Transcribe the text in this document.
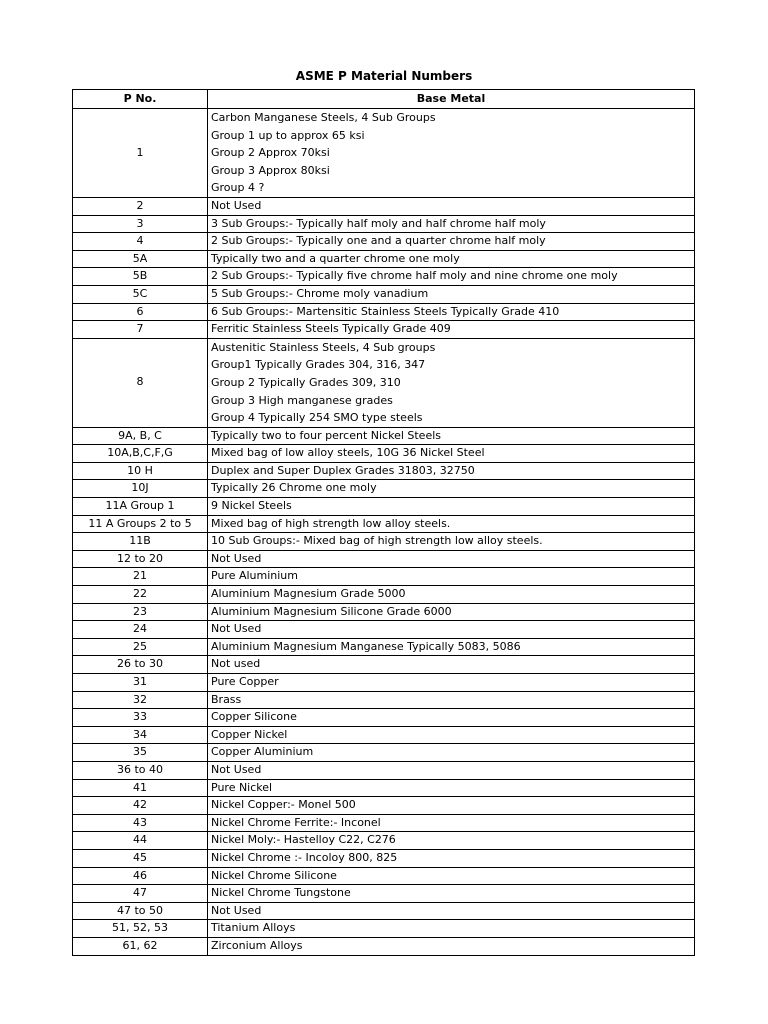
ASME P Material Numbers
P No.	Base Metal
1	Carbon Manganese Steels, 4 Sub Groups
Group 1 up to approx 65 ksi
Group 2 Approx 70ksi
Group 3 Approx 80ksi
Group 4 ?

2	Not Used
3	3 Sub Groups:- Typically half moly and half chrome half moly
4	2 Sub Groups:- Typically one and a quarter chrome half moly
5A	Typically two and a quarter chrome one moly
5B	2 Sub Groups:- Typically five chrome half moly and nine chrome one moly
5C	5 Sub Groups:- Chrome moly vanadium
6	6 Sub Groups:- Martensitic Stainless Steels Typically Grade 410
7	Ferritic Stainless Steels Typically Grade 409
8	Austenitic Stainless Steels, 4 Sub groups
Group1 Typically Grades 304, 316, 347
Group 2 Typically Grades 309, 310
Group 3 High manganese grades
Group 4 Typically 254 SMO type steels

9A, B, C	Typically two to four percent Nickel Steels
10A,B,C,F,G	Mixed bag of low alloy steels, 10G 36 Nickel Steel
10 H	Duplex and Super Duplex Grades 31803, 32750
10J	Typically 26 Chrome one moly
11A Group 1	9 Nickel Steels
11 A Groups 2 to 5	Mixed bag of high strength low alloy steels.
11B	10 Sub Groups:- Mixed bag of high strength low alloy steels.
12 to 20	Not Used
21	Pure Aluminium
22	Aluminium Magnesium Grade 5000
23	Aluminium Magnesium Silicone Grade 6000
24	Not Used
25	Aluminium Magnesium Manganese Typically 5083, 5086
26 to 30	Not used
31	Pure Copper
32	Brass
33	Copper Silicone
34	Copper Nickel
35	Copper Aluminium
36 to 40	Not Used
41	Pure Nickel
42	Nickel Copper:- Monel 500
43	Nickel Chrome Ferrite:- Inconel
44	Nickel Moly:- Hastelloy C22, C276
45	Nickel Chrome :- Incoloy 800, 825
46	Nickel Chrome Silicone
47	Nickel Chrome Tungstone
47 to 50	Not Used
51, 52, 53	Titanium Alloys
61, 62	Zirconium Alloys
